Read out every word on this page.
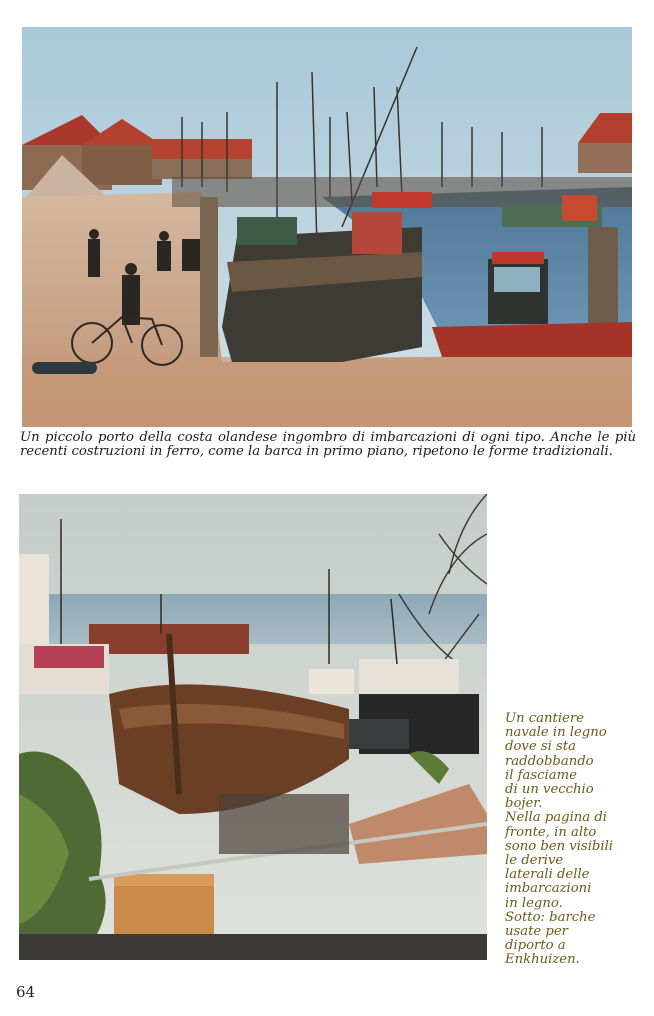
Un piccolo porto della costa olandese ingombro di imbarcazioni di ogni tipo. Anche le più recenti costruzioni in ferro, come la barca in primo piano, ripetono le forme tradizionali.
Un cantiere
navale in legno
dove si sta
raddobbando
il fasciame
di un vecchio
bojer.
Nella pagina di
fronte, in alto
sono ben visibili
le derive
laterali delle
imbarcazioni
in legno.
Sotto: barche
usate per
diporto a
Enkhuizen.
64
